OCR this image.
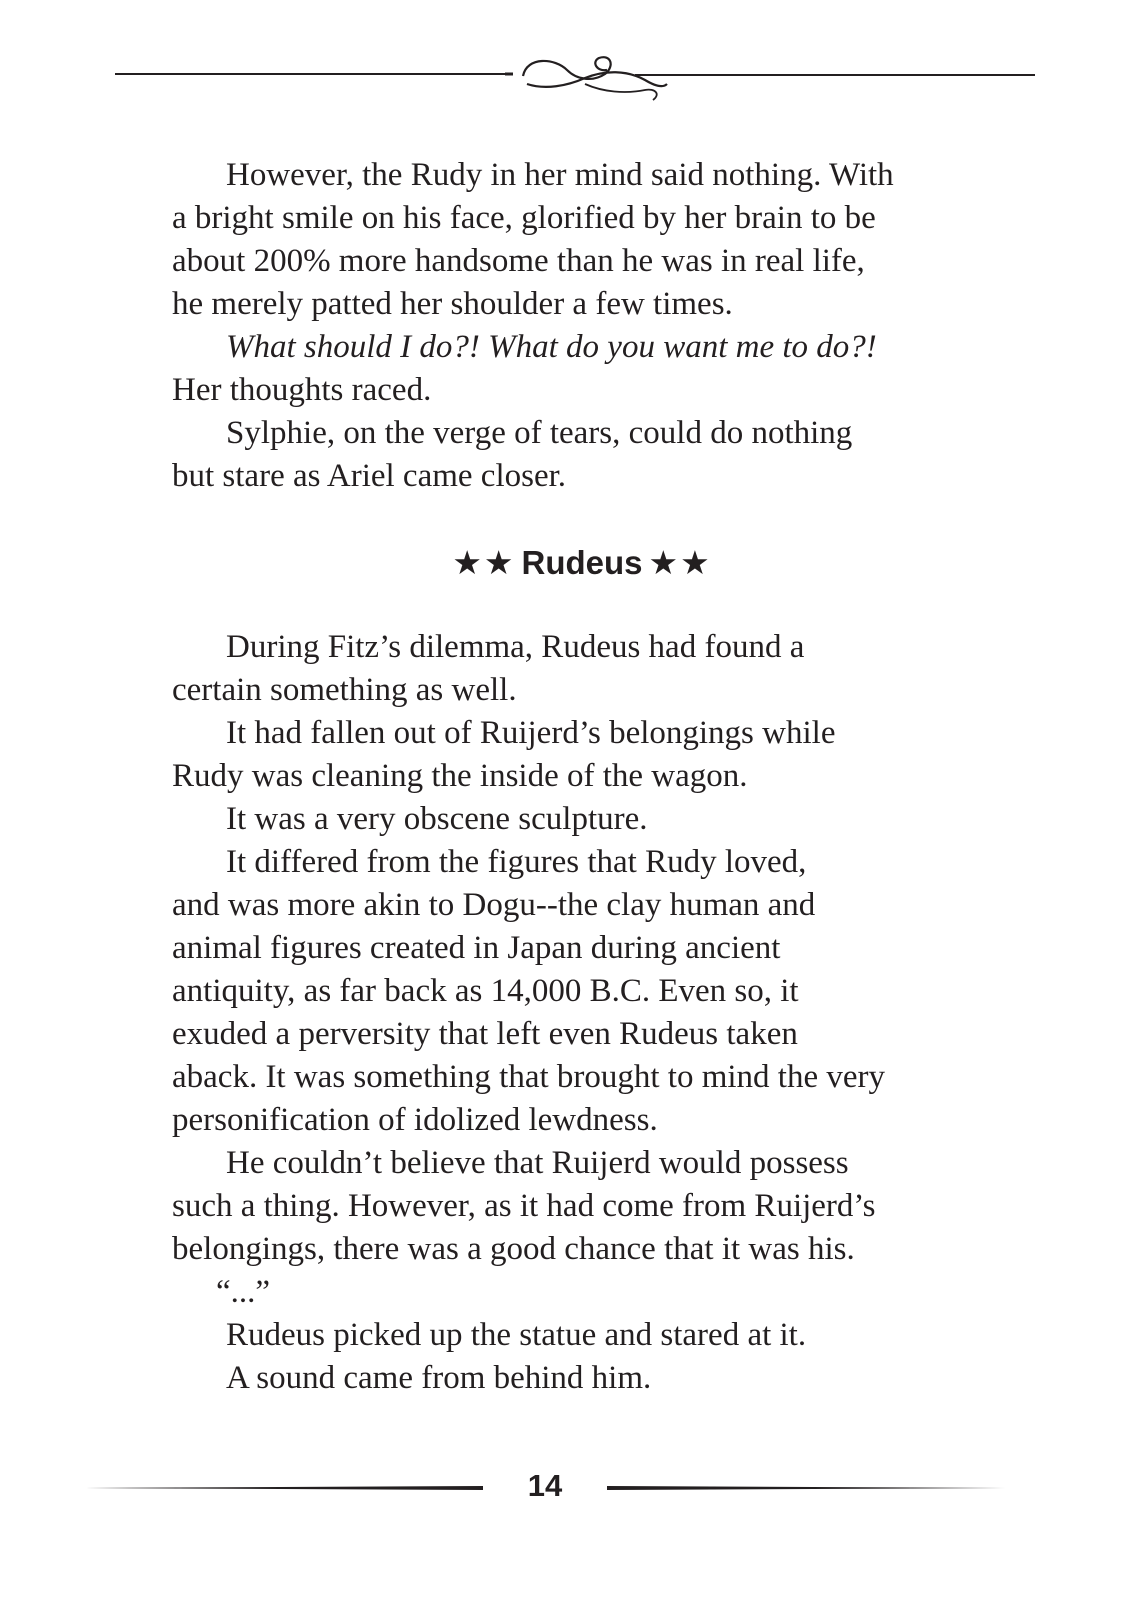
However, the Rudy in her mind said nothing. With

a bright smile on his face, glorified by her brain to be

about 200% more handsome than he was in real life,

he merely patted her shoulder a few times.

What should I do?! What do you want me to do?!

Her thoughts raced.

Sylphie, on the verge of tears, could do nothing

but stare as Ariel came closer.

★★ Rudeus ★★

During Fitz’s dilemma, Rudeus had found a

certain something as well.

It had fallen out of Ruijerd’s belongings while

Rudy was cleaning the inside of the wagon.

It was a very obscene sculpture.

It differed from the figures that Rudy loved,

and was more akin to Dogu--the clay human and

animal figures created in Japan during ancient

antiquity, as far back as 14,000 B.C. Even so, it

exuded a perversity that left even Rudeus taken

aback. It was something that brought to mind the very

personification of idolized lewdness.

He couldn’t believe that Ruijerd would possess

such a thing. However, as it had come from Ruijerd’s

belongings, there was a good chance that it was his.

“...”

Rudeus picked up the statue and stared at it.

A sound came from behind him.

14
